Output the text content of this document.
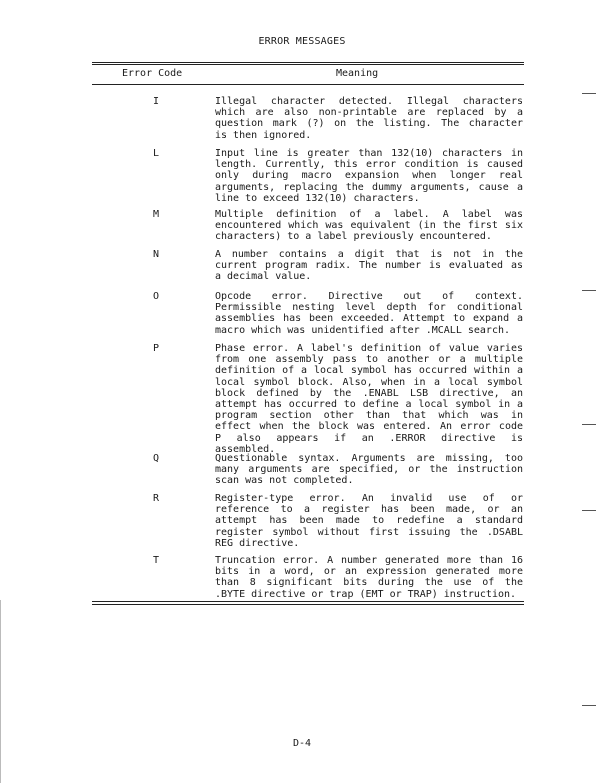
ERROR MESSAGES
Error Code	Meaning
I	Illegal character detected. Illegal characters
which are also non-printable are replaced by a
question mark (?) on the listing. The character
is then ignored.
L	Input line is greater than 132(10) characters in
length. Currently, this error condition is caused
only during macro expansion when longer real
arguments, replacing the dummy arguments, cause a
line to exceed 132(10) characters.
M	Multiple definition of a label. A label was
encountered which was equivalent (in the first six
characters) to a label previously encountered.
N	A number contains a digit that is not in the
current program radix. The number is evaluated as
a decimal value.
O	Opcode error. Directive out of context.
Permissible nesting level depth for conditional
assemblies has been exceeded. Attempt to expand a
macro which was unidentified after .MCALL search.
P	Phase error. A label's definition of value varies
from one assembly pass to another or a multiple
definition of a local symbol has occurred within a
local symbol block. Also, when in a local symbol
block defined by the .ENABL LSB directive, an
attempt has occurred to define a local symbol in a
program section other than that which was in
effect when the block was entered. An error code
P also appears if an .ERROR directive is
assembled.
Q	Questionable syntax. Arguments are missing, too
many arguments are specified, or the instruction
scan was not completed.
R	Register-type error. An invalid use of or
reference to a register has been made, or an
attempt has been made to redefine a standard
register symbol without first issuing the .DSABL
REG directive.
T	Truncation error. A number generated more than 16
bits in a word, or an expression generated more
than 8 significant bits during the use of the
.BYTE directive or trap (EMT or TRAP) instruction.
D-4
